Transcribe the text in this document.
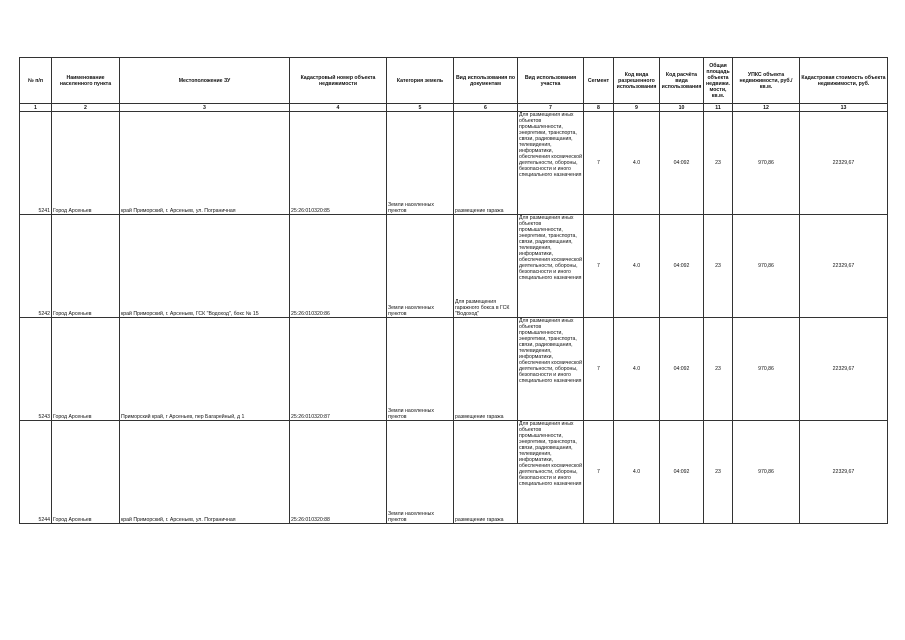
№ п/п	Наименование населенного пункта	Местоположение ЗУ	Кадастровый номер объекта недвижимости	Категория земель	Вид использования по документам	Вид использования участка	Сегмент	Код вида разрешенного использования	Код расчёта вида использования	Общая площадь объекта недвижи. мости, кв.м.	УПКС объекта недвижимости, руб./кв.м.	Кадастровая стоимость объекта недвижимости, руб.
1	2	3	4	5	6	7	8	9	10	11	12	13
5241	Город Арсеньев	край Приморский, г. Арсеньев, ул. Пограничная	25:26:010320:85	Земли населенных пунктов	размещение гаража	Для размещения иных объектов промышленности, энергетики, транспорта, связи, радиовещания, телевидения, информатики, обеспечения космической деятельности, обороны, безопасности и иного специального назначения	7	4.0	04:092	23	970,86	22329,67
5242	Город Арсеньев	край Приморский, г. Арсеньев, ГСК "Водоход", бокс № 15	25:26:010320:86	Земли населенных пунктов	Для размещения гаражного бокса в ГСК "Водоход"	Для размещения иных объектов промышленности, энергетики, транспорта, связи, радиовещания, телевидения, информатики, обеспечения космической деятельности, обороны, безопасности и иного специального назначения	7	4.0	04:092	23	970,86	22329,67
5243	Город Арсеньев	Приморский край, г Арсеньев, пер Багарейный, д 1	25:26:010320:87	Земли населенных пунктов	размещение гаража	Для размещения иных объектов промышленности, энергетики, транспорта, связи, радиовещания, телевидения, информатики, обеспечения космической деятельности, обороны, безопасности и иного специального назначения	7	4.0	04:092	23	970,86	22329,67
5244	Город Арсеньев	край Приморский, г. Арсеньев, ул. Пограничная	25:26:010320:88	Земли населенных пунктов	размещение гаража	Для размещения иных объектов промышленности, энергетики, транспорта, связи, радиовещания, телевидения, информатики, обеспечения космической деятельности, обороны, безопасности и иного специального назначения	7	4.0	04:092	23	970,86	22329,67
